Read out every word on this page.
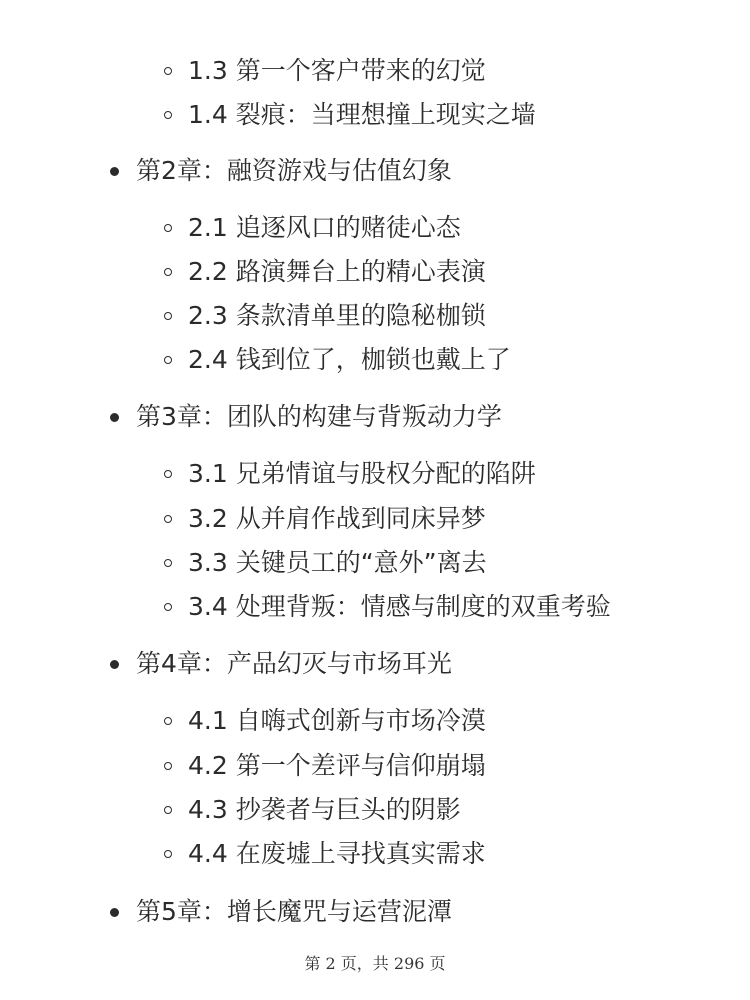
1.3 第一个客户带来的幻觉
1.4 裂痕：当理想撞上现实之墙
第2章：融资游戏与估值幻象
2.1 追逐风口的赌徒心态
2.2 路演舞台上的精心表演
2.3 条款清单里的隐秘枷锁
2.4 钱到位了，枷锁也戴上了
第3章：团队的构建与背叛动力学
3.1 兄弟情谊与股权分配的陷阱
3.2 从并肩作战到同床异梦
3.3 关键员工的“意外”离去
3.4 处理背叛：情感与制度的双重考验
第4章：产品幻灭与市场耳光
4.1 自嗨式创新与市场冷漠
4.2 第一个差评与信仰崩塌
4.3 抄袭者与巨头的阴影
4.4 在废墟上寻找真实需求
第5章：增长魔咒与运营泥潭
第 2 页，共 296 页
